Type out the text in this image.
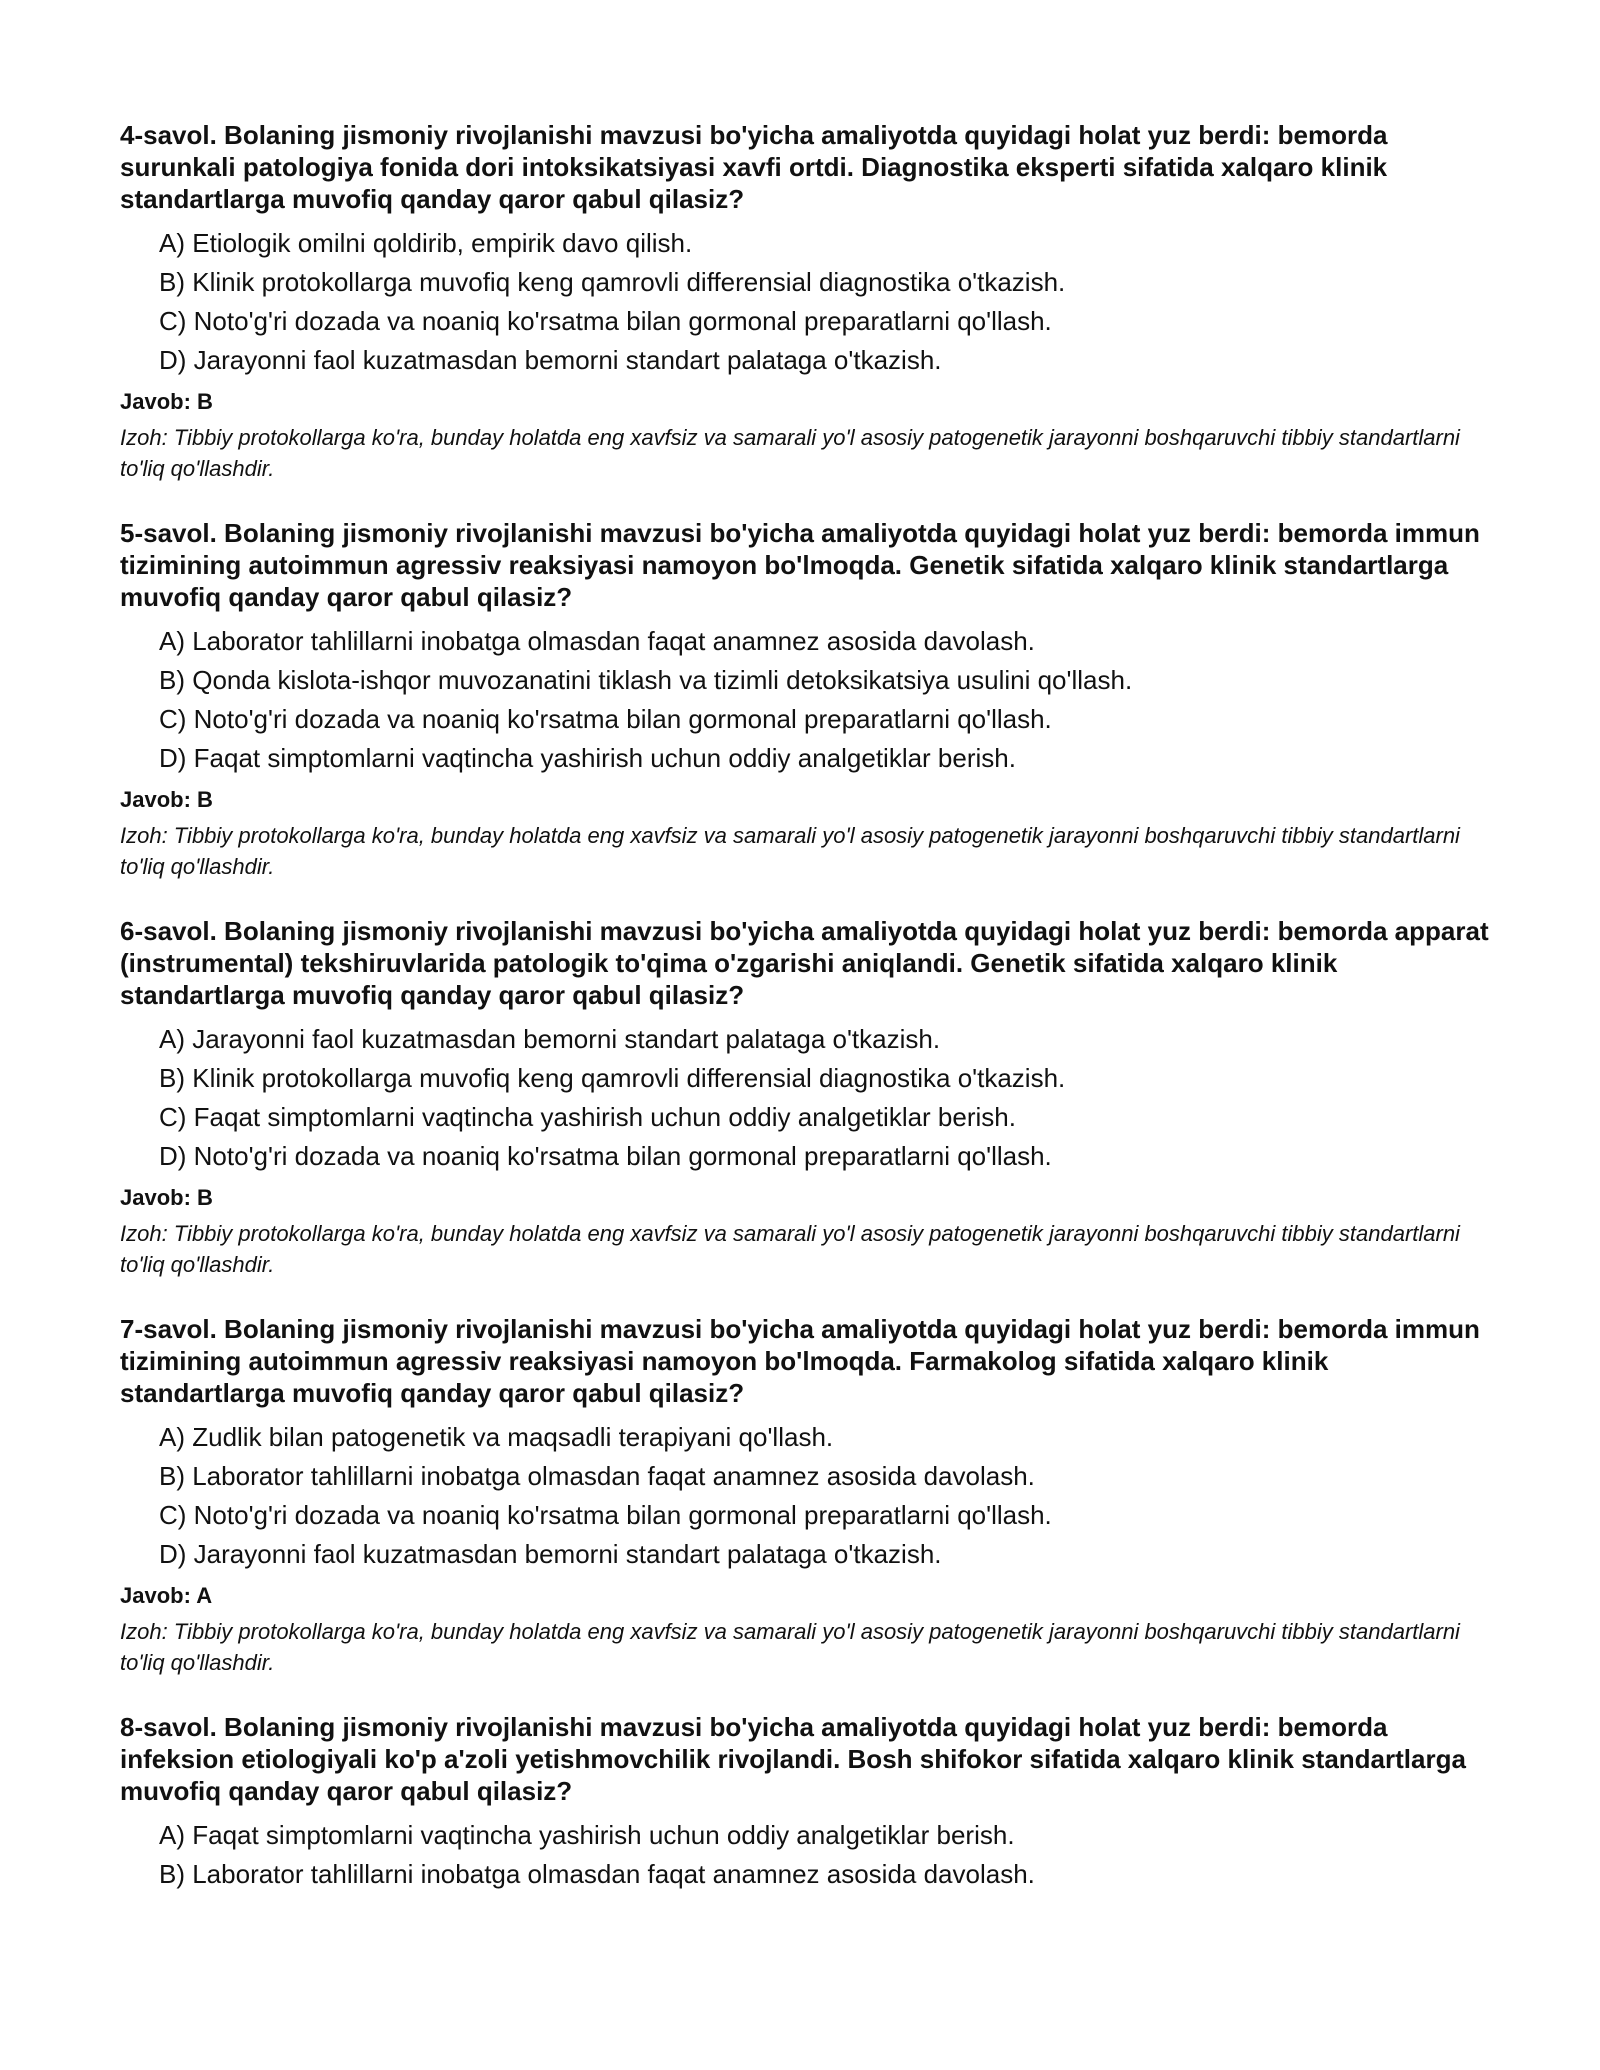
4-savol. Bolaning jismoniy rivojlanishi mavzusi bo'yicha amaliyotda quyidagi holat yuz berdi: bemorda surunkali patologiya fonida dori intoksikatsiyasi xavfi ortdi. Diagnostika eksperti sifatida xalqaro klinik standartlarga muvofiq qanday qaror qabul qilasiz?
A) Etiologik omilni qoldirib, empirik davo qilish.
B) Klinik protokollarga muvofiq keng qamrovli differensial diagnostika o'tkazish.
C) Noto'g'ri dozada va noaniq ko'rsatma bilan gormonal preparatlarni qo'llash.
D) Jarayonni faol kuzatmasdan bemorni standart palataga o'tkazish.
Javob: B

Izoh: Tibbiy protokollarga ko'ra, bunday holatda eng xavfsiz va samarali yo'l asosiy patogenetik jarayonni boshqaruvchi tibbiy standartlarni to'liq qo'llashdir.

5-savol. Bolaning jismoniy rivojlanishi mavzusi bo'yicha amaliyotda quyidagi holat yuz berdi: bemorda immun tizimining autoimmun agressiv reaksiyasi namoyon bo'lmoqda. Genetik sifatida xalqaro klinik standartlarga muvofiq qanday qaror qabul qilasiz?
A) Laborator tahlillarni inobatga olmasdan faqat anamnez asosida davolash.
B) Qonda kislota-ishqor muvozanatini tiklash va tizimli detoksikatsiya usulini qo'llash.
C) Noto'g'ri dozada va noaniq ko'rsatma bilan gormonal preparatlarni qo'llash.
D) Faqat simptomlarni vaqtincha yashirish uchun oddiy analgetiklar berish.
Javob: B

Izoh: Tibbiy protokollarga ko'ra, bunday holatda eng xavfsiz va samarali yo'l asosiy patogenetik jarayonni boshqaruvchi tibbiy standartlarni to'liq qo'llashdir.

6-savol. Bolaning jismoniy rivojlanishi mavzusi bo'yicha amaliyotda quyidagi holat yuz berdi: bemorda apparat (instrumental) tekshiruvlarida patologik to'qima o'zgarishi aniqlandi. Genetik sifatida xalqaro klinik standartlarga muvofiq qanday qaror qabul qilasiz?
A) Jarayonni faol kuzatmasdan bemorni standart palataga o'tkazish.
B) Klinik protokollarga muvofiq keng qamrovli differensial diagnostika o'tkazish.
C) Faqat simptomlarni vaqtincha yashirish uchun oddiy analgetiklar berish.
D) Noto'g'ri dozada va noaniq ko'rsatma bilan gormonal preparatlarni qo'llash.
Javob: B

Izoh: Tibbiy protokollarga ko'ra, bunday holatda eng xavfsiz va samarali yo'l asosiy patogenetik jarayonni boshqaruvchi tibbiy standartlarni to'liq qo'llashdir.

7-savol. Bolaning jismoniy rivojlanishi mavzusi bo'yicha amaliyotda quyidagi holat yuz berdi: bemorda immun tizimining autoimmun agressiv reaksiyasi namoyon bo'lmoqda. Farmakolog sifatida xalqaro klinik standartlarga muvofiq qanday qaror qabul qilasiz?
A) Zudlik bilan patogenetik va maqsadli terapiyani qo'llash.
B) Laborator tahlillarni inobatga olmasdan faqat anamnez asosida davolash.
C) Noto'g'ri dozada va noaniq ko'rsatma bilan gormonal preparatlarni qo'llash.
D) Jarayonni faol kuzatmasdan bemorni standart palataga o'tkazish.
Javob: A

Izoh: Tibbiy protokollarga ko'ra, bunday holatda eng xavfsiz va samarali yo'l asosiy patogenetik jarayonni boshqaruvchi tibbiy standartlarni to'liq qo'llashdir.

8-savol. Bolaning jismoniy rivojlanishi mavzusi bo'yicha amaliyotda quyidagi holat yuz berdi: bemorda infeksion etiologiyali ko'p a'zoli yetishmovchilik rivojlandi. Bosh shifokor sifatida xalqaro klinik standartlarga muvofiq qanday qaror qabul qilasiz?
A) Faqat simptomlarni vaqtincha yashirish uchun oddiy analgetiklar berish.
B) Laborator tahlillarni inobatga olmasdan faqat anamnez asosida davolash.
